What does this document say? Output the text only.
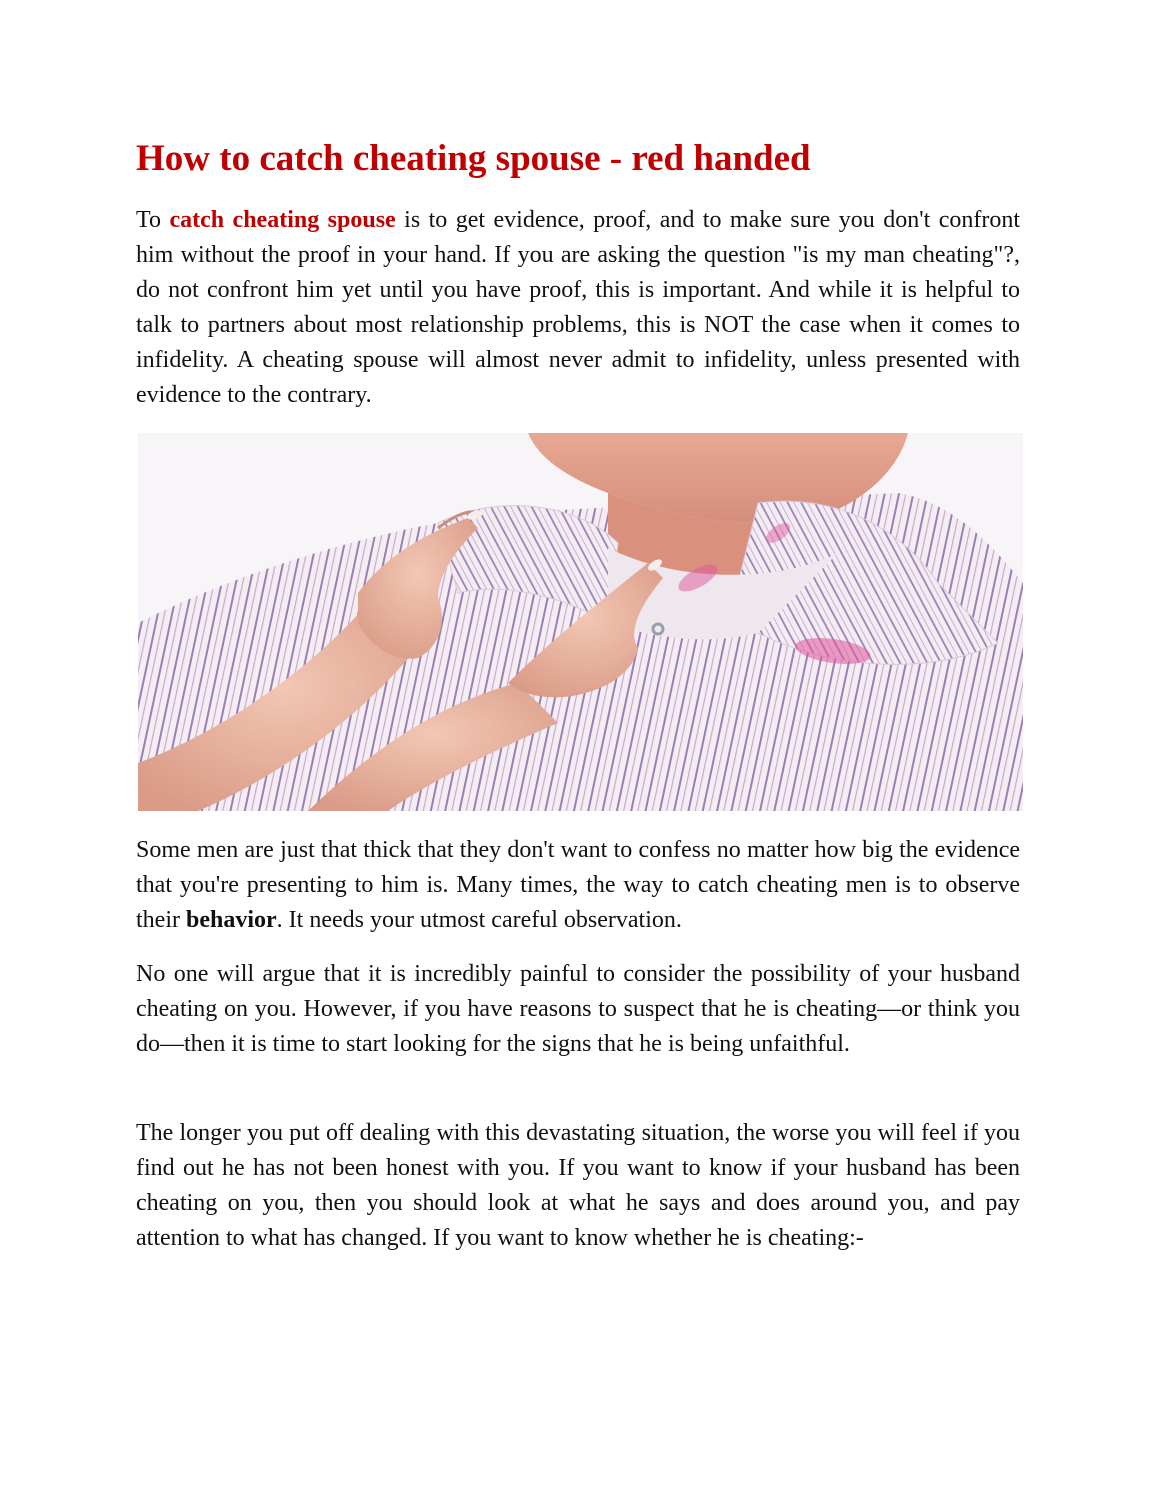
How to catch cheating spouse - red handed

To catch cheating spouse is to get evidence, proof, and to make sure you don't confront him without the proof in your hand. If you are asking the question "is my man cheating"?, do not confront him yet until you have proof, this is important. And while it is helpful to talk to partners about most relationship problems, this is NOT the case when it comes to infidelity. A cheating spouse will almost never admit to infidelity, unless presented with evidence to the contrary.

Some men are just that thick that they don't want to confess no matter how big the evidence that you're presenting to him is. Many times, the way to catch cheating men is to observe their behavior. It needs your utmost careful observation.

No one will argue that it is incredibly painful to consider the possibility of your husband cheating on you. However, if you have reasons to suspect that he is cheating—or think you do—then it is time to start looking for the signs that he is being unfaithful.

The longer you put off dealing with this devastating situation, the worse you will feel if you find out he has not been honest with you. If you want to know if your husband has been cheating on you, then you should look at what he says and does around you, and pay attention to what has changed. If you want to know whether he is cheating:-
